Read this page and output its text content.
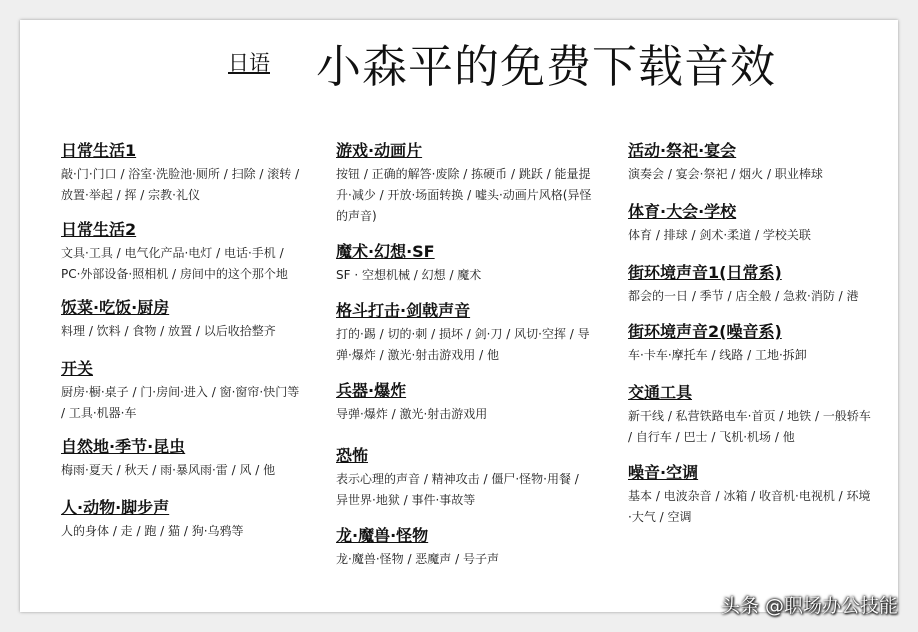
日语 小森平的免费下载音效
日常生活1
敲·门·门口 / 浴室·洗脸池·厕所 / 扫除 / 滚转 / 放置·举起 / 挥 / 宗教·礼仪
日常生活2
文具·工具 / 电气化产品·电灯 / 电话·手机 / PC·外部设备·照相机 / 房间中的这个那个地
饭菜·吃饭·厨房
料理 / 饮料 / 食物 / 放置 / 以后收拾整齐
开关
厨房·橱·桌子 / 门·房间·进入 / 窗·窗帘·快门等 / 工具·机器·车
自然地·季节·昆虫
梅雨·夏天 / 秋天 / 雨·暴风雨·雷 / 风 / 他
人·动物·脚步声
人的身体 / 走 / 跑 / 猫 / 狗·乌鸦等
游戏·动画片
按钮 / 正确的解答·废除 / 拣硬币 / 跳跃 / 能量提升·减少 / 开放·场面转换 / 嘘头·动画片风格(异怪的声音)
魔术·幻想·SF
SF · 空想机械 / 幻想 / 魔术
格斗打击·剑戟声音
打的·踢 / 切的·刺 / 损坏 / 剑·刀 / 风切·空挥 / 导弹·爆炸 / 激光·射击游戏用 / 他
兵器·爆炸
导弹·爆炸 / 激光·射击游戏用
恐怖
表示心理的声音 / 精神攻击 / 僵尸·怪物·用餐 / 异世界·地狱 / 事件·事故等
龙·魔兽·怪物
龙·魔兽·怪物 / 恶魔声 / 号子声
活动·祭祀·宴会
演奏会 / 宴会·祭祀 / 烟火 / 职业棒球
体育·大会·学校
体育 / 排球 / 剑术·柔道 / 学校关联
街环境声音1(日常系)
都会的一日 / 季节 / 店全般 / 急救·消防 / 港
街环境声音2(噪音系)
车·卡车·摩托车 / 线路 / 工地·拆卸
交通工具
新干线 / 私营铁路电车·首页 / 地铁 / 一般轿车 / 自行车 / 巴士 / 飞机·机场 / 他
噪音·空调
基本 / 电波杂音 / 冰箱 / 收音机·电视机 / 环境·大气 / 空调
头条 @职场办公技能
